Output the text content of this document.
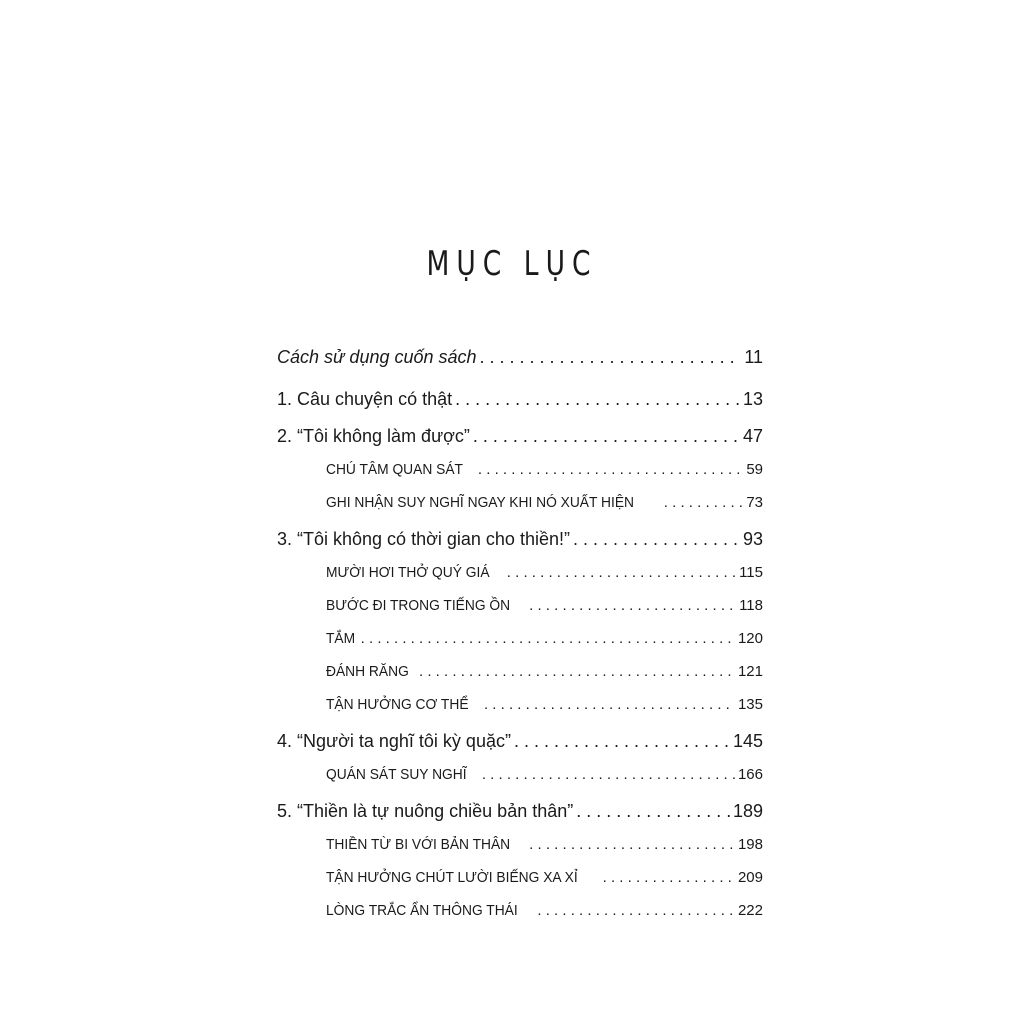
MỤC LỤC
Cách sử dụng cuốn sách . . .	11
1. Câu chuyện có thật . . .	13
2. “Tôi không làm được” . . .	47
CHÚ TÂM QUAN SÁT . . .	59
GHI NHẬN SUY NGHĨ NGAY KHI NÓ XUẤT HIỆN . . .	73
3. “Tôi không có thời gian cho thiền!” . . .	93
MƯỜI HƠI THỞ QUÝ GIÁ . . .	115
BƯỚC ĐI TRONG TIẾNG ỒN . . .	118
TẮM . . .	120
ĐÁNH RĂNG . . .	121
TẬN HƯỞNG CƠ THỂ . . .	135
4. “Người ta nghĩ tôi kỳ quặc” . . .	145
QUÁN SÁT SUY NGHĨ . . .	166
5. “Thiền là tự nuông chiều bản thân” . . .	189
THIỀN TỪ BI VỚI BẢN THÂN . . .	198
TẬN HƯỞNG CHÚT LƯỜI BIẾNG XA XỈ . . .	209
LÒNG TRẮC ẨN THÔNG THÁI . . .	222
